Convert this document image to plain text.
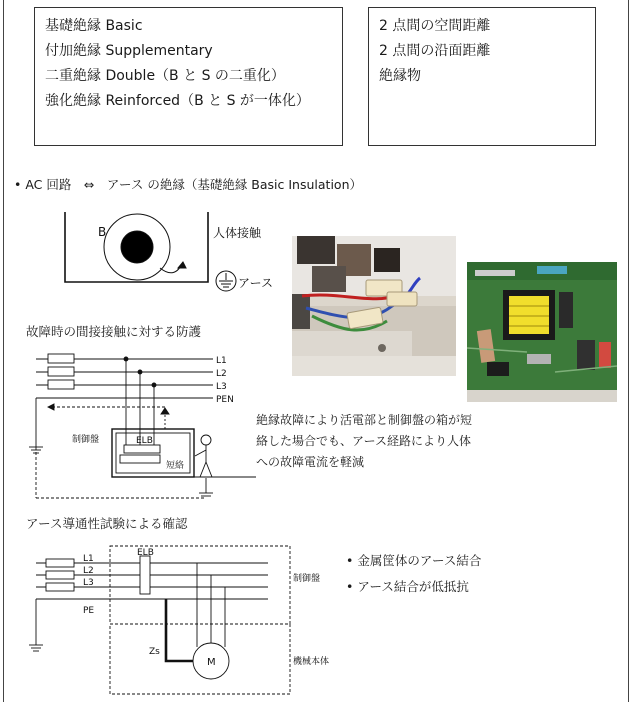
基礎絶縁 Basic
付加絶縁 Supplementary
二重絶縁 Double（B と S の二重化）
強化絶縁 Reinforced（B と S が一体化）
2 点間の空間距離
2 点間の沿面距離
絶縁物
• AC 回路　⇔　アース の絶縁（基礎絶縁 Basic Insulation）
B	人体接触
アース
L1
L2
L3
PEN
制御盤	ELB
短絡
L1
L2
L3
PE
ELB
制御盤
Zs
M	機械本体
故障時の間接接触に対する防護
アース導通性試験による確認
絶縁故障により活電部と制御盤の箱が短絡した場合でも、アース経路により人体への故障電流を軽減
• 金属筐体のアース結合
• アース結合が低抵抗
